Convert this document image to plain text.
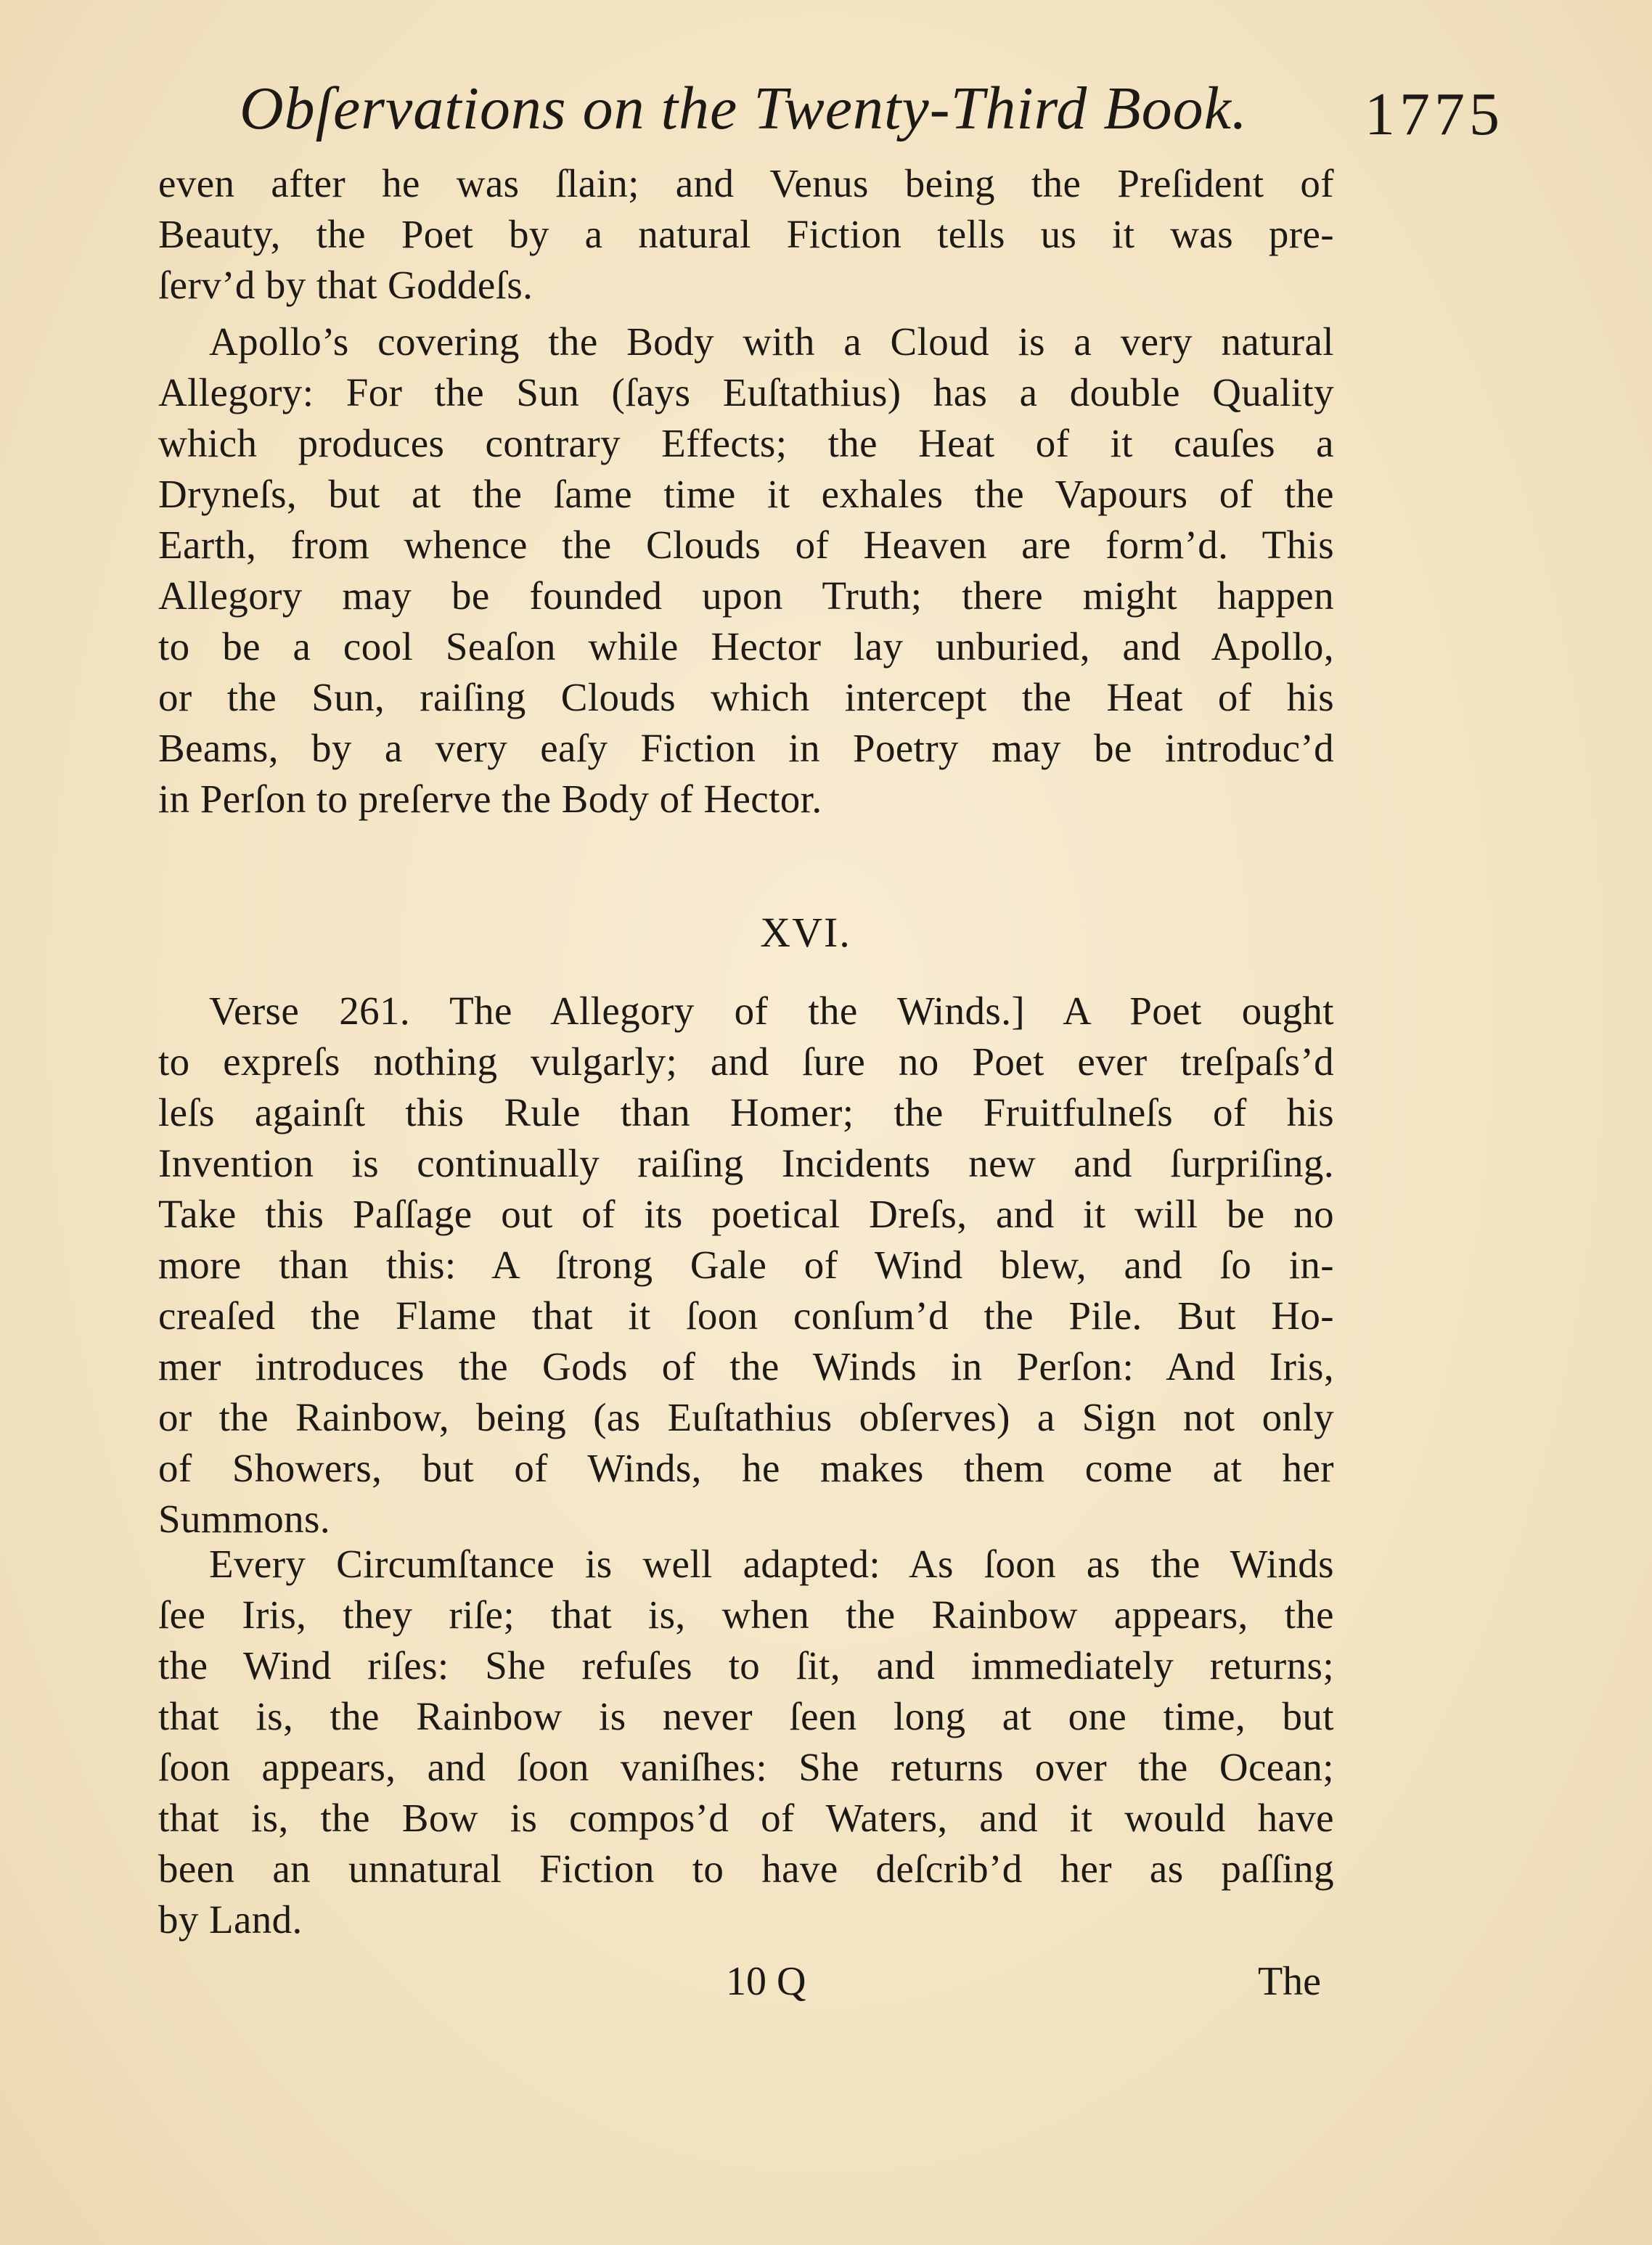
Obſervations on the Twenty-Third Book.	1775
even after he was ſlain; and Venus being the Preſident of
Beauty, the Poet by a natural Fiction tells us it was pre-
ſerv’d by that Goddeſs.
Apollo’s covering the Body with a Cloud is a very natural
Allegory: For the Sun (ſays Euſtathius) has a double Quality
which produces contrary Effects; the Heat of it cauſes a
Dryneſs, but at the ſame time it exhales the Vapours of the
Earth, from whence the Clouds of Heaven are form’d. This
Allegory may be founded upon Truth; there might happen
to be a cool Seaſon while Hector lay unburied, and Apollo,
or the Sun, raiſing Clouds which intercept the Heat of his
Beams, by a very eaſy Fiction in Poetry may be introduc’d
in Perſon to preſerve the Body of Hector.
XVI.
Verse 261. The Allegory of the Winds.] A Poet ought
to expreſs nothing vulgarly; and ſure no Poet ever treſpaſs’d
leſs againſt this Rule than Homer; the Fruitfulneſs of his
Invention is continually raiſing Incidents new and ſurpriſing.
Take this Paſſage out of its poetical Dreſs, and it will be no
more than this: A ſtrong Gale of Wind blew, and ſo in-
creaſed the Flame that it ſoon conſum’d the Pile. But Ho-
mer introduces the Gods of the Winds in Perſon: And Iris,
or the Rainbow, being (as Euſtathius obſerves) a Sign not only
of Showers, but of Winds, he makes them come at her
Summons.
Every Circumſtance is well adapted: As ſoon as the Winds
ſee Iris, they riſe; that is, when the Rainbow appears, the
the Wind riſes: She refuſes to ſit, and immediately returns;
that is, the Rainbow is never ſeen long at one time, but
ſoon appears, and ſoon vaniſhes: She returns over the Ocean;
that is, the Bow is compos’d of Waters, and it would have
been an unnatural Fiction to have deſcrib’d her as paſſing
by Land.
10 Q	The
